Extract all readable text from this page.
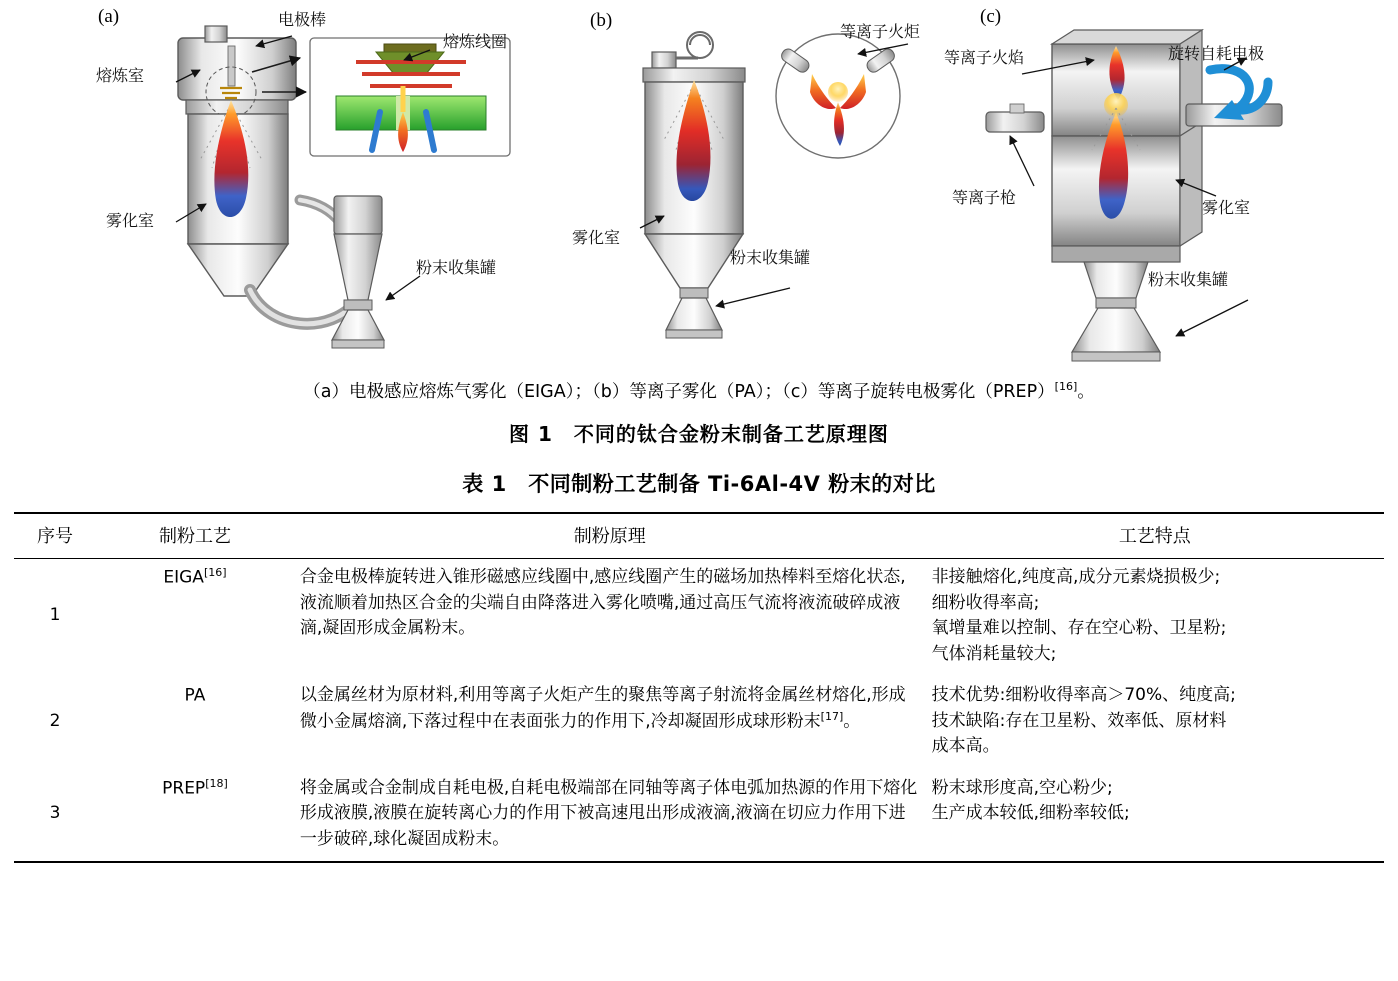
(a)	(b)	(c)
电极棒
熔炼线圈
熔炼室
雾化室
粉末收集罐
等离子火炬
雾化室
粉末收集罐
等离子火焰	旋转自耗电极
等离子枪
雾化室
粉末收集罐
（a）电极感应熔炼气雾化（EIGA）；（b）等离子雾化（PA）；（c）等离子旋转电极雾化（PREP）[16]。
图 1　不同的钛合金粉末制备工艺原理图
表 1　不同制粉工艺制备 Ti-6Al-4V 粉末的对比
序号	制粉工艺	制粉原理	工艺特点
1	EIGA[16]	合金电极棒旋转进入锥形磁感应线圈中,感应线圈产生的磁场加热棒料至熔化状态,液流顺着加热区合金的尖端自由降落进入雾化喷嘴,通过高压气流将液流破碎成液滴,凝固形成金属粉末。	非接触熔化,纯度高,成分元素烧损极少;
细粉收得率高;
氧增量难以控制、存在空心粉、卫星粉;
气体消耗量较大;

2	PA	以金属丝材为原材料,利用等离子火炬产生的聚焦等离子射流将金属丝材熔化,形成微小金属熔滴,下落过程中在表面张力的作用下,冷却凝固形成球形粉末[17]。	技术优势:细粉收得率高＞70%、纯度高;
技术缺陷:存在卫星粉、效率低、原材料
成本高。

3	PREP[18]	将金属或合金制成自耗电极,自耗电极端部在同轴等离子体电弧加热源的作用下熔化形成液膜,液膜在旋转离心力的作用下被高速甩出形成液滴,液滴在切应力作用下进一步破碎,球化凝固成粉末。	粉末球形度高,空心粉少;
生产成本较低,细粉率较低;
